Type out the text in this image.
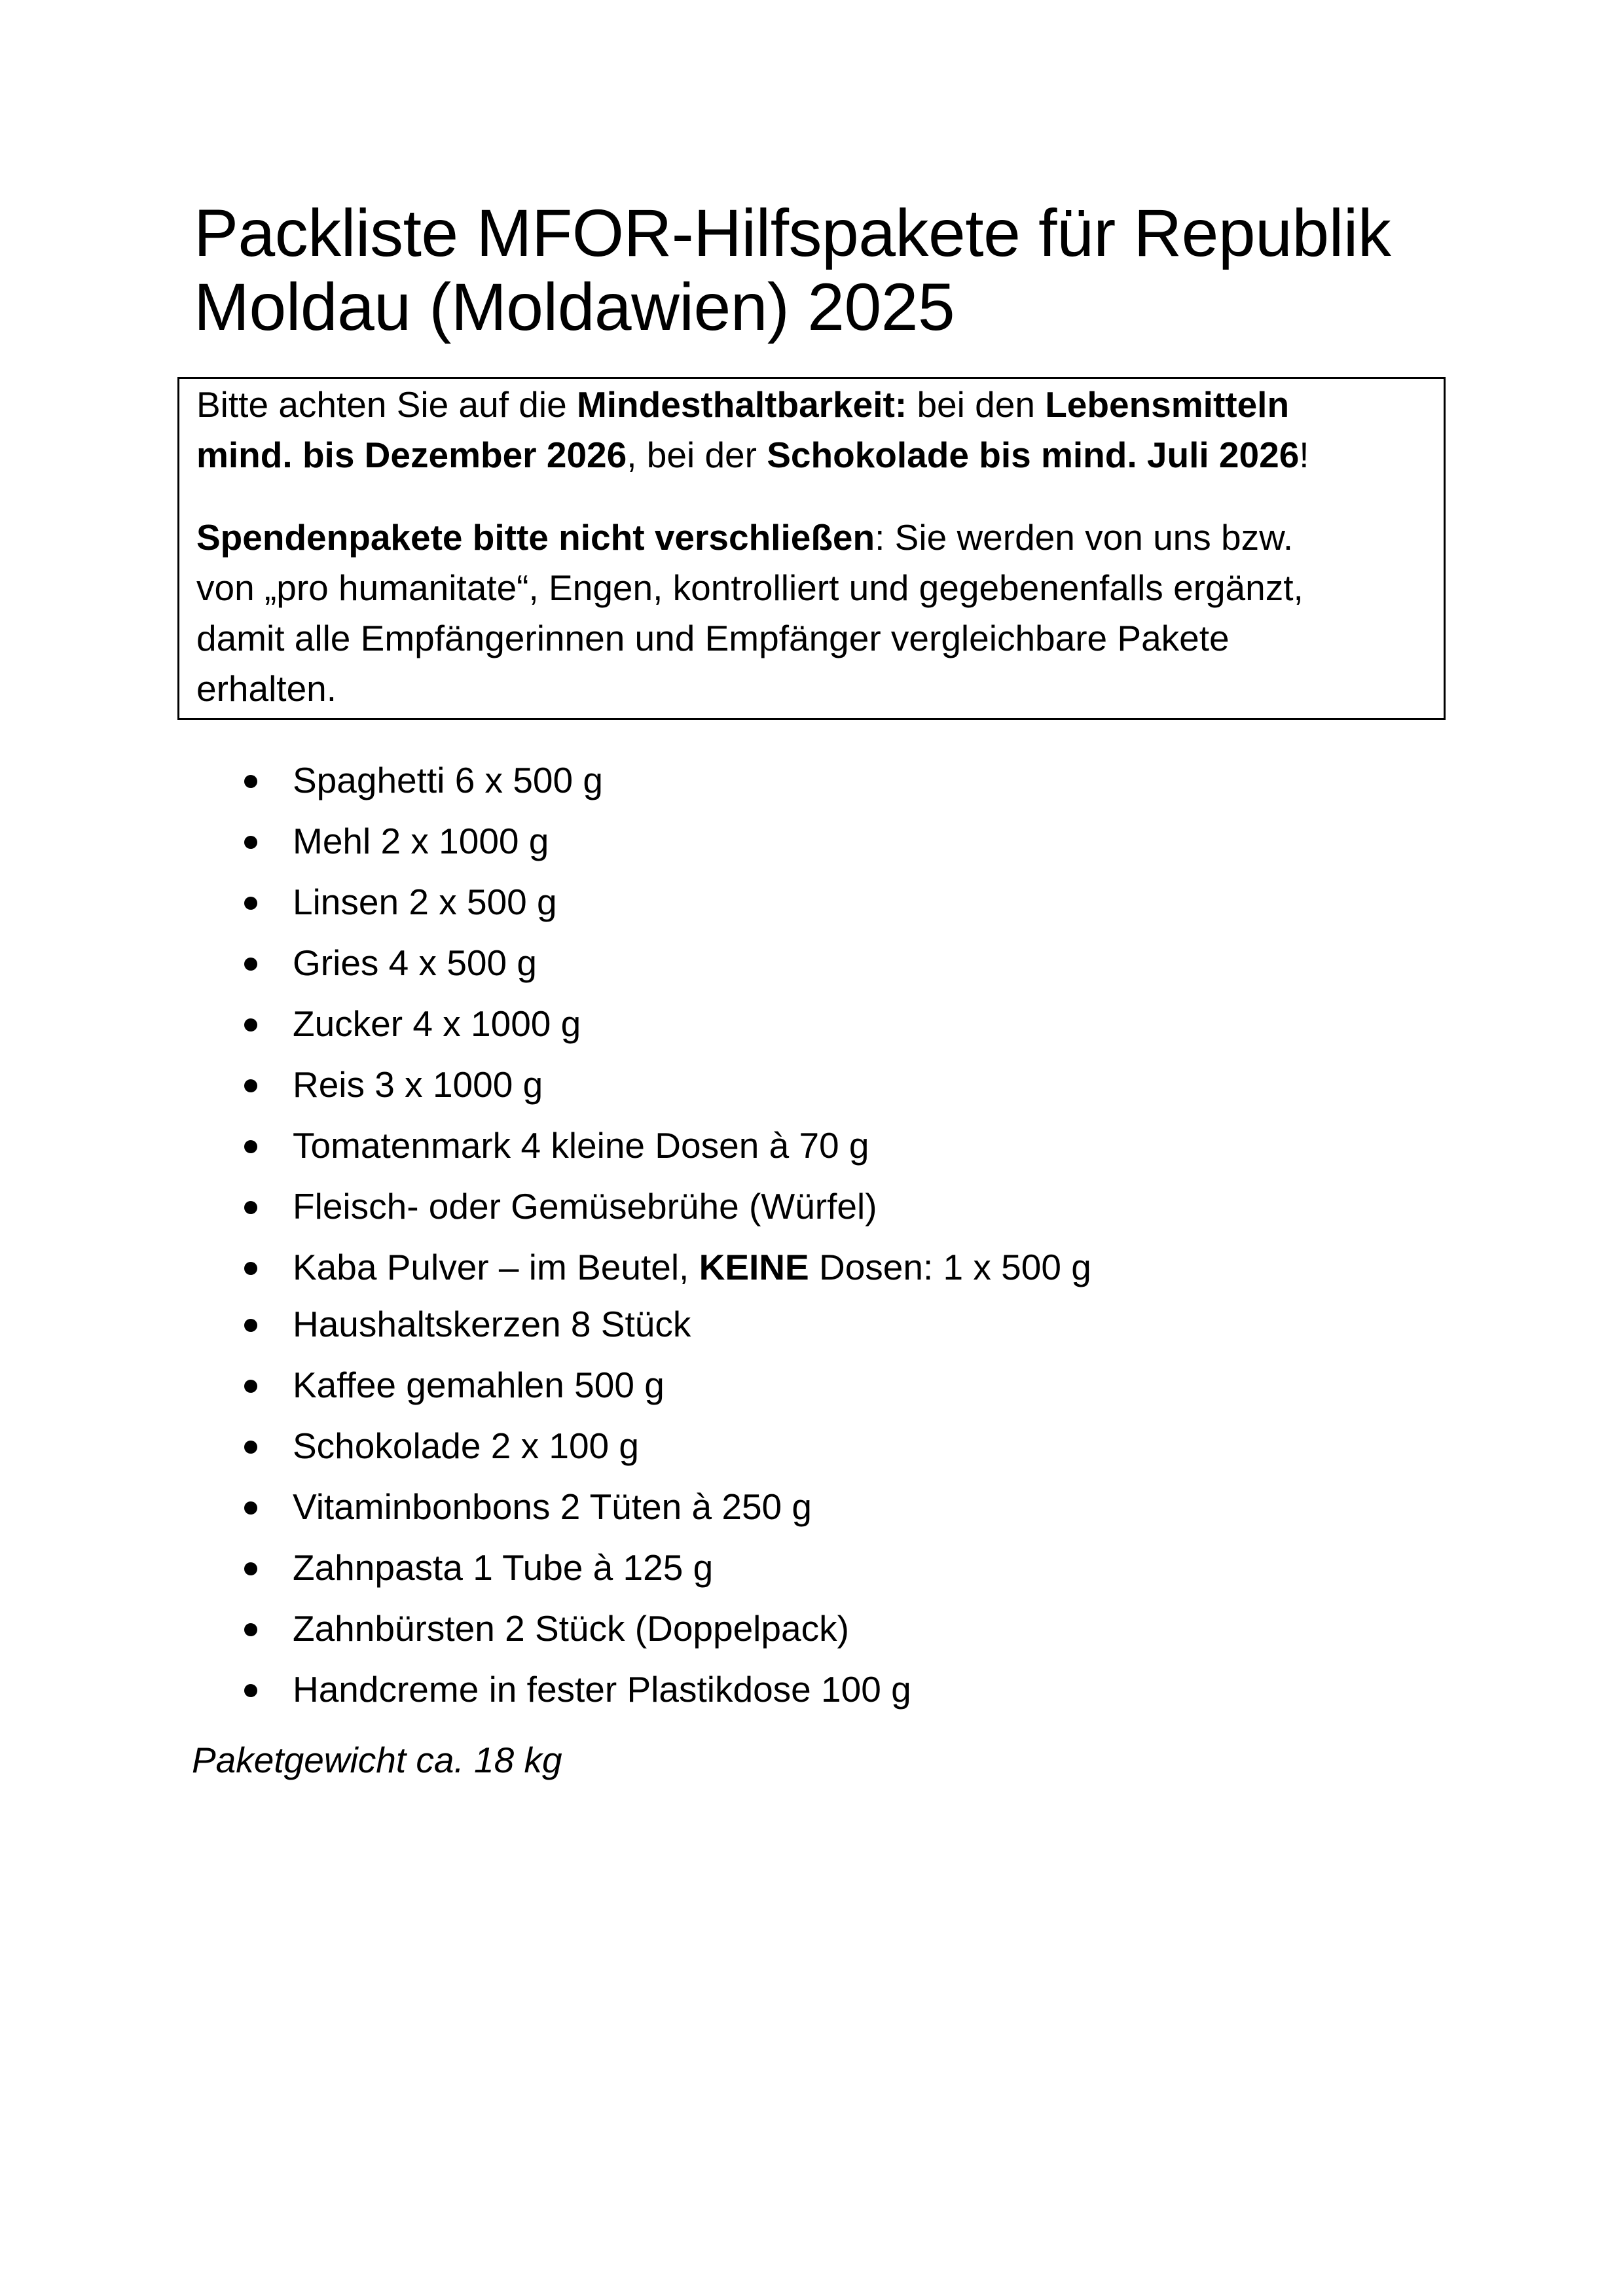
Packliste MFOR-Hilfspakete für Republik
Moldau (Moldawien) 2025

Bitte achten Sie auf die Mindesthaltbarkeit: bei den Lebensmitteln
mind. bis Dezember 2026, bei der Schokolade bis mind. Juli 2026!

Spendenpakete bitte nicht verschließen: Sie werden von uns bzw.
von „pro humanitate“, Engen, kontrolliert und gegebenenfalls ergänzt,
damit alle Empfängerinnen und Empfänger vergleichbare Pakete
erhalten.

Spaghetti 6 x 500 g
Mehl 2 x 1000 g
Linsen 2 x 500 g
Gries 4 x 500 g
Zucker 4 x 1000 g
Reis 3 x 1000 g
Tomatenmark 4 kleine Dosen à 70 g
Fleisch- oder Gemüsebrühe (Würfel)
Kaba Pulver – im Beutel, KEINE Dosen: 1 x 500 g
Haushaltskerzen 8 Stück
Kaffee gemahlen 500 g
Schokolade 2 x 100 g
Vitaminbonbons 2 Tüten à 250 g
Zahnpasta 1 Tube à 125 g
Zahnbürsten 2 Stück (Doppelpack)
Handcreme in fester Plastikdose 100 g

Paketgewicht ca. 18 kg
